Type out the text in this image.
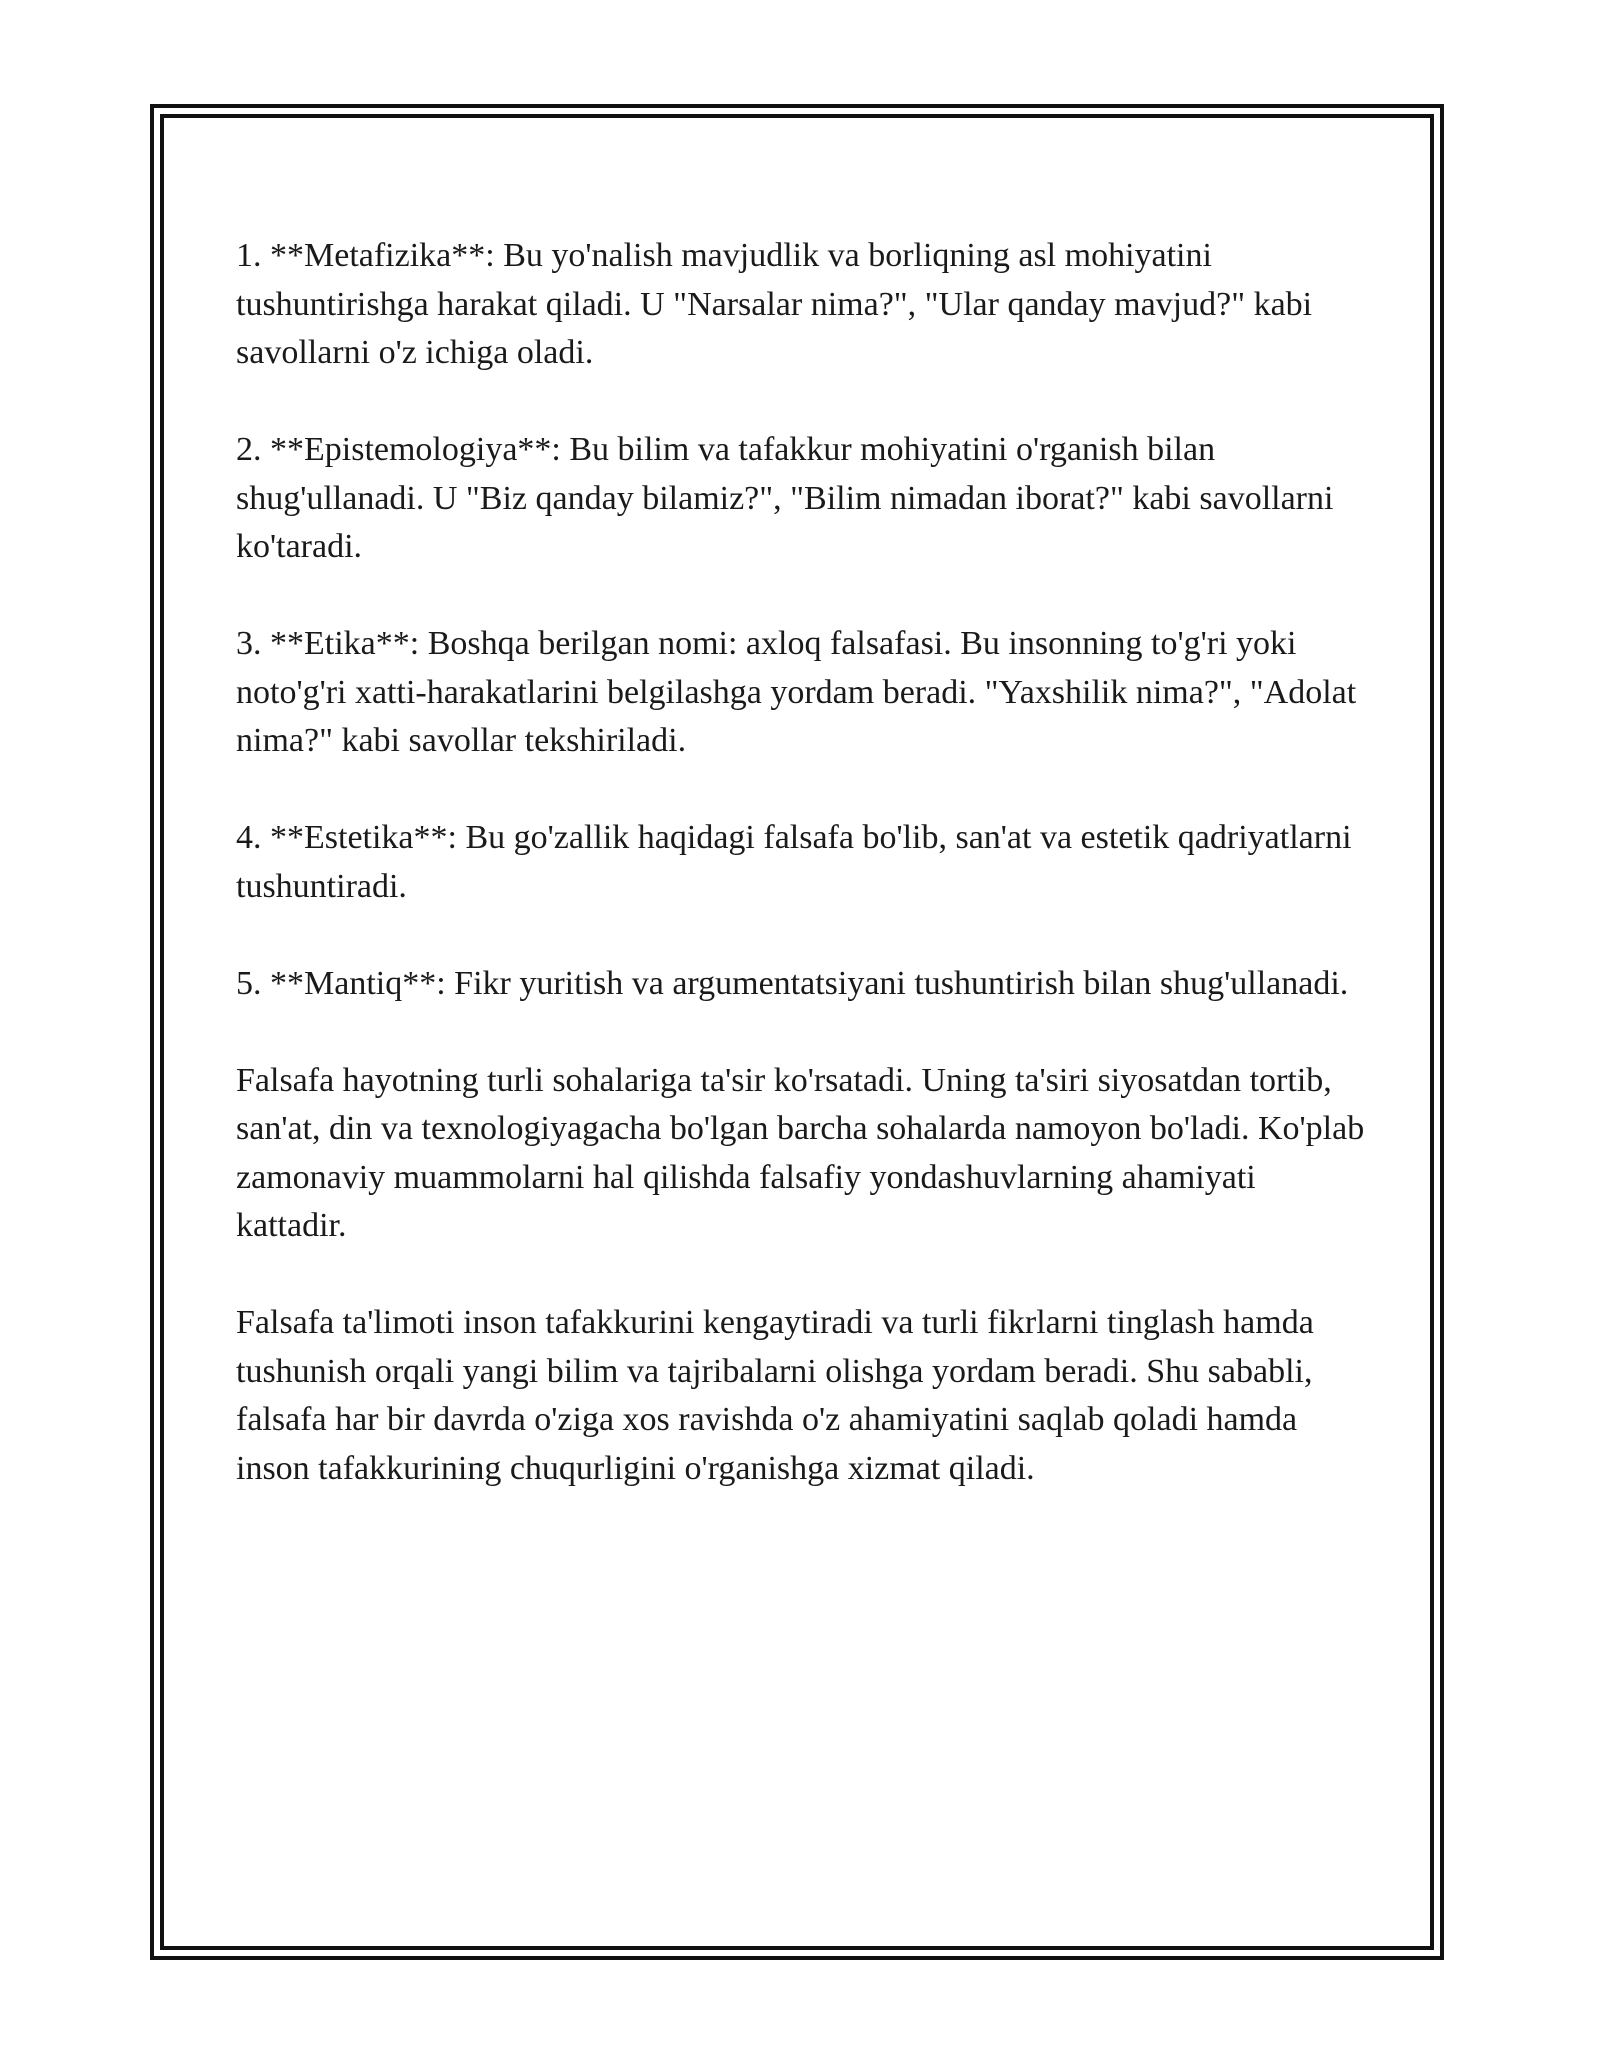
1. **Metafizika**: Bu yo'nalish mavjudlik va borliqning asl mohiyatini tushuntirishga harakat qiladi. U "Narsalar nima?", "Ular qanday mavjud?" kabi savollarni o'z ichiga oladi.

2. **Epistemologiya**: Bu bilim va tafakkur mohiyatini o'rganish bilan shug'ullanadi. U "Biz qanday bilamiz?", "Bilim nimadan iborat?" kabi savollarni ko'taradi.

3. **Etika**: Boshqa berilgan nomi: axloq falsafasi. Bu insonning to'g'ri yoki noto'g'ri xatti-harakatlarini belgilashga yordam beradi. "Yaxshilik nima?", "Adolat nima?" kabi savollar tekshiriladi.

4. **Estetika**: Bu go'zallik haqidagi falsafa bo'lib, san'at va estetik qadriyatlarni tushuntiradi.

5. **Mantiq**: Fikr yuritish va argumentatsiyani tushuntirish bilan shug'ullanadi.

Falsafa hayotning turli sohalariga ta'sir ko'rsatadi. Uning ta'siri siyosatdan tortib, san'at, din va texnologiyagacha bo'lgan barcha sohalarda namoyon bo'ladi. Ko'plab zamonaviy muammolarni hal qilishda falsafiy yondashuvlarning ahamiyati kattadir.

Falsafa ta'limoti inson tafakkurini kengaytiradi va turli fikrlarni tinglash hamda tushunish orqali yangi bilim va tajribalarni olishga yordam beradi. Shu sababli, falsafa har bir davrda o'ziga xos ravishda o'z ahamiyatini saqlab qoladi hamda inson tafakkurining chuqurligini o'rganishga xizmat qiladi.
